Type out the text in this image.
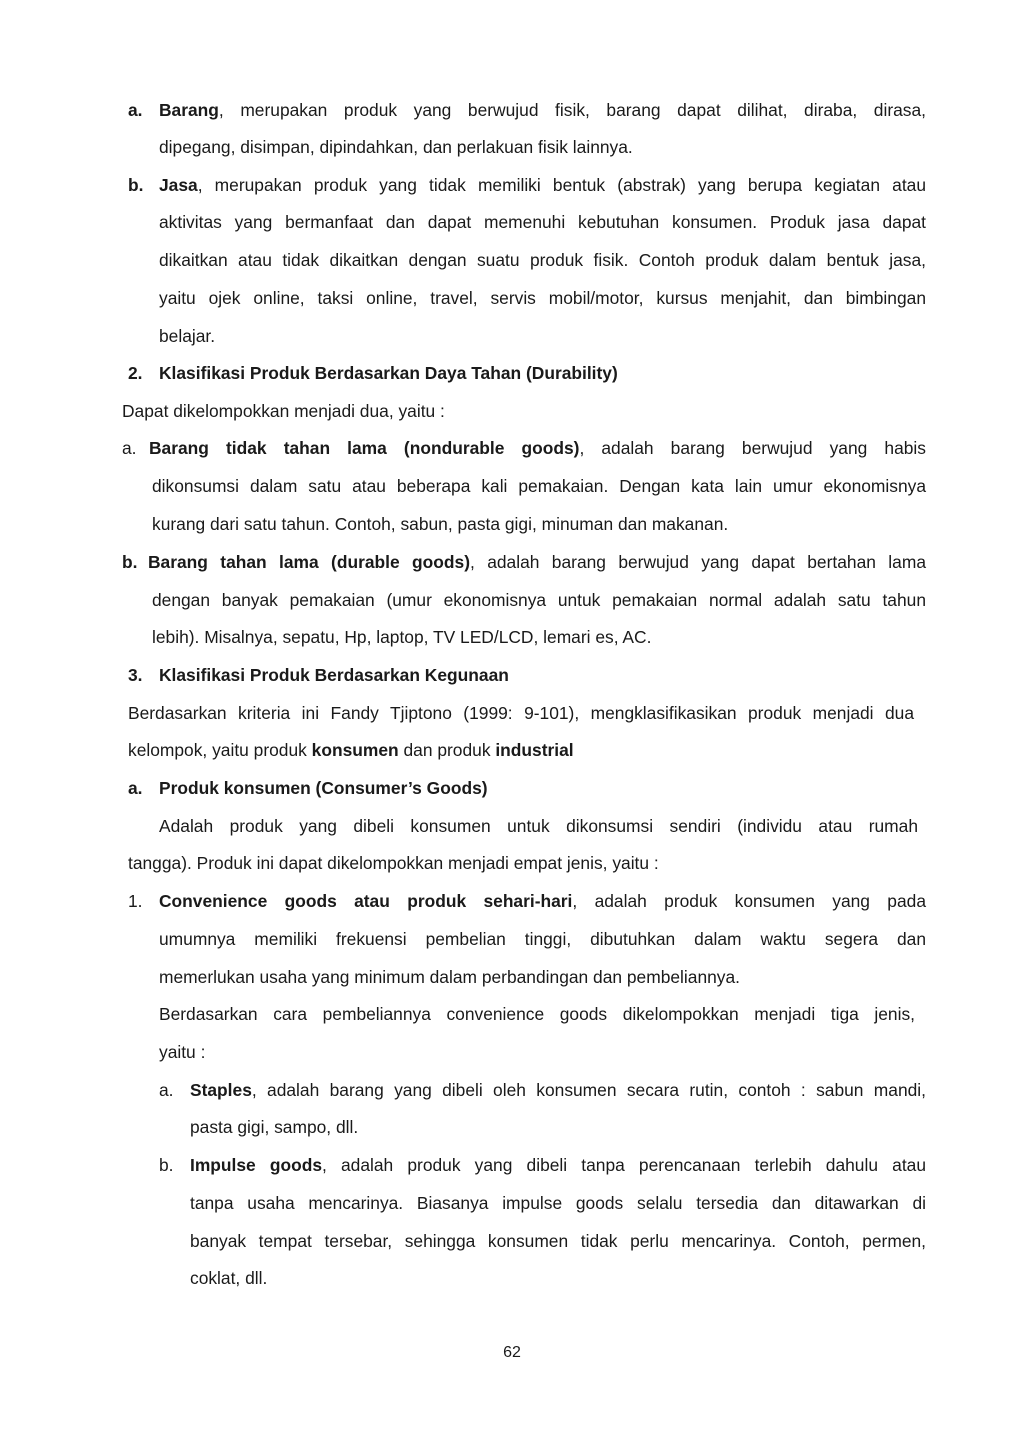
a. Barang, merupakan produk yang berwujud fisik, barang dapat dilihat, diraba, dirasa,
dipegang, disimpan, dipindahkan, dan perlakuan fisik lainnya.
b. Jasa, merupakan produk yang tidak memiliki bentuk (abstrak) yang berupa kegiatan atau
aktivitas yang bermanfaat dan dapat memenuhi kebutuhan konsumen. Produk jasa dapat
dikaitkan atau tidak dikaitkan dengan suatu produk fisik. Contoh produk dalam bentuk jasa,
yaitu ojek online, taksi online, travel, servis mobil/motor, kursus menjahit, dan bimbingan
belajar.
2. Klasifikasi Produk Berdasarkan Daya Tahan (Durability)
Dapat dikelompokkan menjadi dua, yaitu :
a. Barang tidak tahan lama (nondurable goods), adalah barang berwujud yang habis
dikonsumsi dalam satu atau beberapa kali pemakaian. Dengan kata lain umur ekonomisnya
kurang dari satu tahun. Contoh, sabun, pasta gigi, minuman dan makanan.
b. Barang tahan lama (durable goods), adalah barang berwujud yang dapat bertahan lama
dengan banyak pemakaian (umur ekonomisnya untuk pemakaian normal adalah satu tahun
lebih). Misalnya, sepatu, Hp, laptop, TV LED/LCD, lemari es, AC.
3. Klasifikasi Produk Berdasarkan Kegunaan
Berdasarkan kriteria ini Fandy Tjiptono (1999: 9-101), mengklasifikasikan produk menjadi dua
kelompok, yaitu produk konsumen dan produk industrial
a. Produk konsumen (Consumer’s Goods)
Adalah produk yang dibeli konsumen untuk dikonsumsi sendiri (individu atau rumah
tangga). Produk ini dapat dikelompokkan menjadi empat jenis, yaitu :
1. Convenience goods atau produk sehari-hari, adalah produk konsumen yang pada
umumnya memiliki frekuensi pembelian tinggi, dibutuhkan dalam waktu segera dan
memerlukan usaha yang minimum dalam perbandingan dan pembeliannya.
Berdasarkan cara pembeliannya convenience goods dikelompokkan menjadi tiga jenis,
yaitu :
a. Staples, adalah barang yang dibeli oleh konsumen secara rutin, contoh : sabun mandi,
pasta gigi, sampo, dll.
b. Impulse goods, adalah produk yang dibeli tanpa perencanaan terlebih dahulu atau
tanpa usaha mencarinya. Biasanya impulse goods selalu tersedia dan ditawarkan di
banyak tempat tersebar, sehingga konsumen tidak perlu mencarinya. Contoh, permen,
coklat, dll.
62
